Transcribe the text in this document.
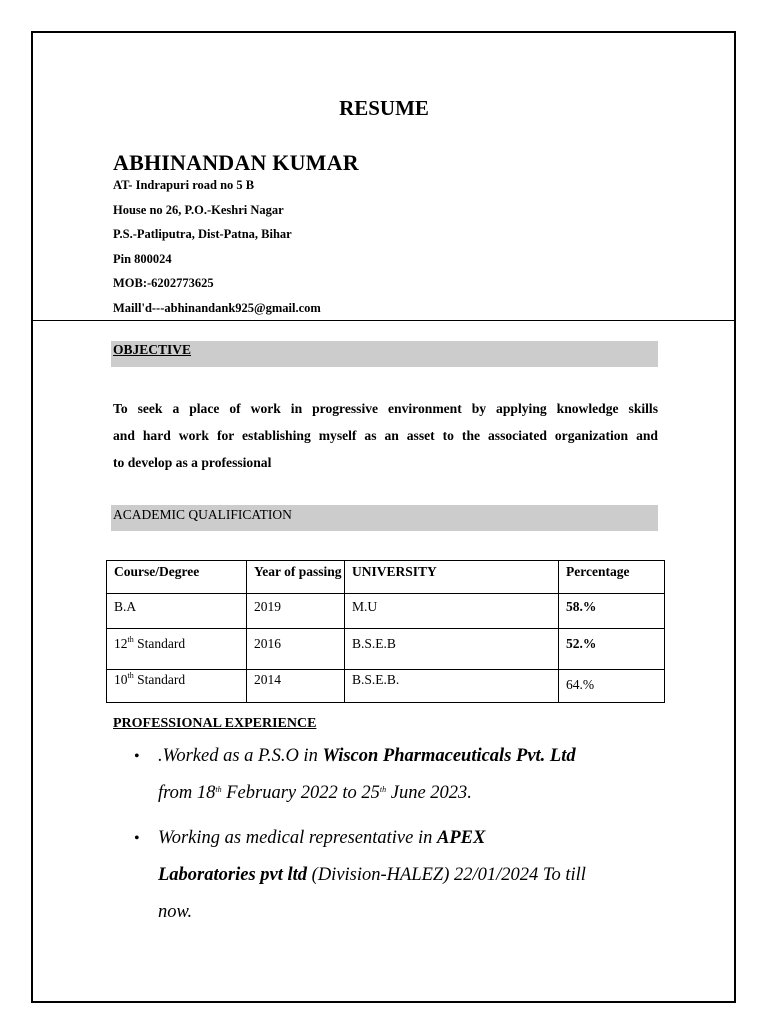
RESUME
ABHINANDAN KUMAR
AT- Indrapuri road no 5 B
House no 26, P.O.-Keshri Nagar
P.S.-Patliputra, Dist-Patna, Bihar
Pin 800024
MOB:-6202773625
Maill'd---abhinandank925@gmail.com
OBJECTIVE
To seek a place of work in progressive environment by applying knowledge skills
and hard work for establishing myself as an asset to the associated organization and
to develop as a professional
ACADEMIC QUALIFICATION
Course/Degree	Year of passing	UNIVERSITY	Percentage
B.A	2019	M.U	58.%
12th Standard	2016	B.S.E.B	52.%
10th Standard	2014	B.S.E.B.	64.%
PROFESSIONAL EXPERIENCE
• .Worked as a P.S.O in Wiscon Pharmaceuticals Pvt. Ltd
from 18th February 2022 to 25th June 2023.
• Working as medical representative in APEX
Laboratories pvt ltd (Division-HALEZ) 22/01/2024 To till
now.
